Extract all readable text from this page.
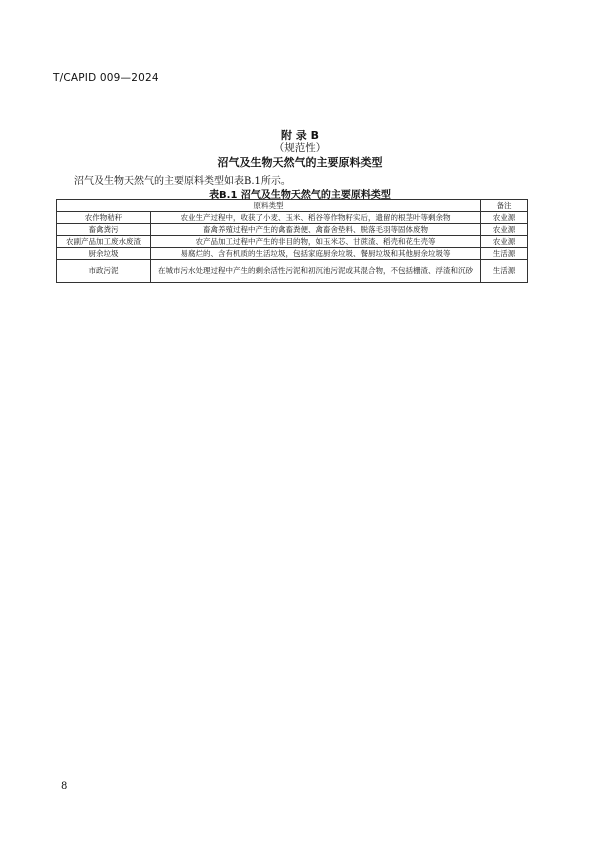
T/CAPID 009—2024
附 录 B
（规范性）
沼气及生物天然气的主要原料类型
沼气及生物天然气的主要原料类型如表B.1所示。
表B.1 沼气及生物天然气的主要原料类型
原料类型		备注
农作物秸秆	农业生产过程中，收获了小麦、玉米、稻谷等作物籽实后，遗留的根茎叶等剩余物	农业源
畜禽粪污	畜禽养殖过程中产生的禽畜粪便、禽畜舍垫料、脱落毛羽等固体废物	农业源
农副产品加工废水废渣	农产品加工过程中产生的非目的物，如玉米芯、甘蔗渣、稻壳和花生壳等	农业源
厨余垃圾	易腐烂的、含有机质的生活垃圾，包括家庭厨余垃圾、餐厨垃圾和其他厨余垃圾等	生活源
市政污泥	在城市污水处理过程中产生的剩余活性污泥和初沉池污泥或其混合物，不包括栅渣、浮渣和沉砂	生活源
8
